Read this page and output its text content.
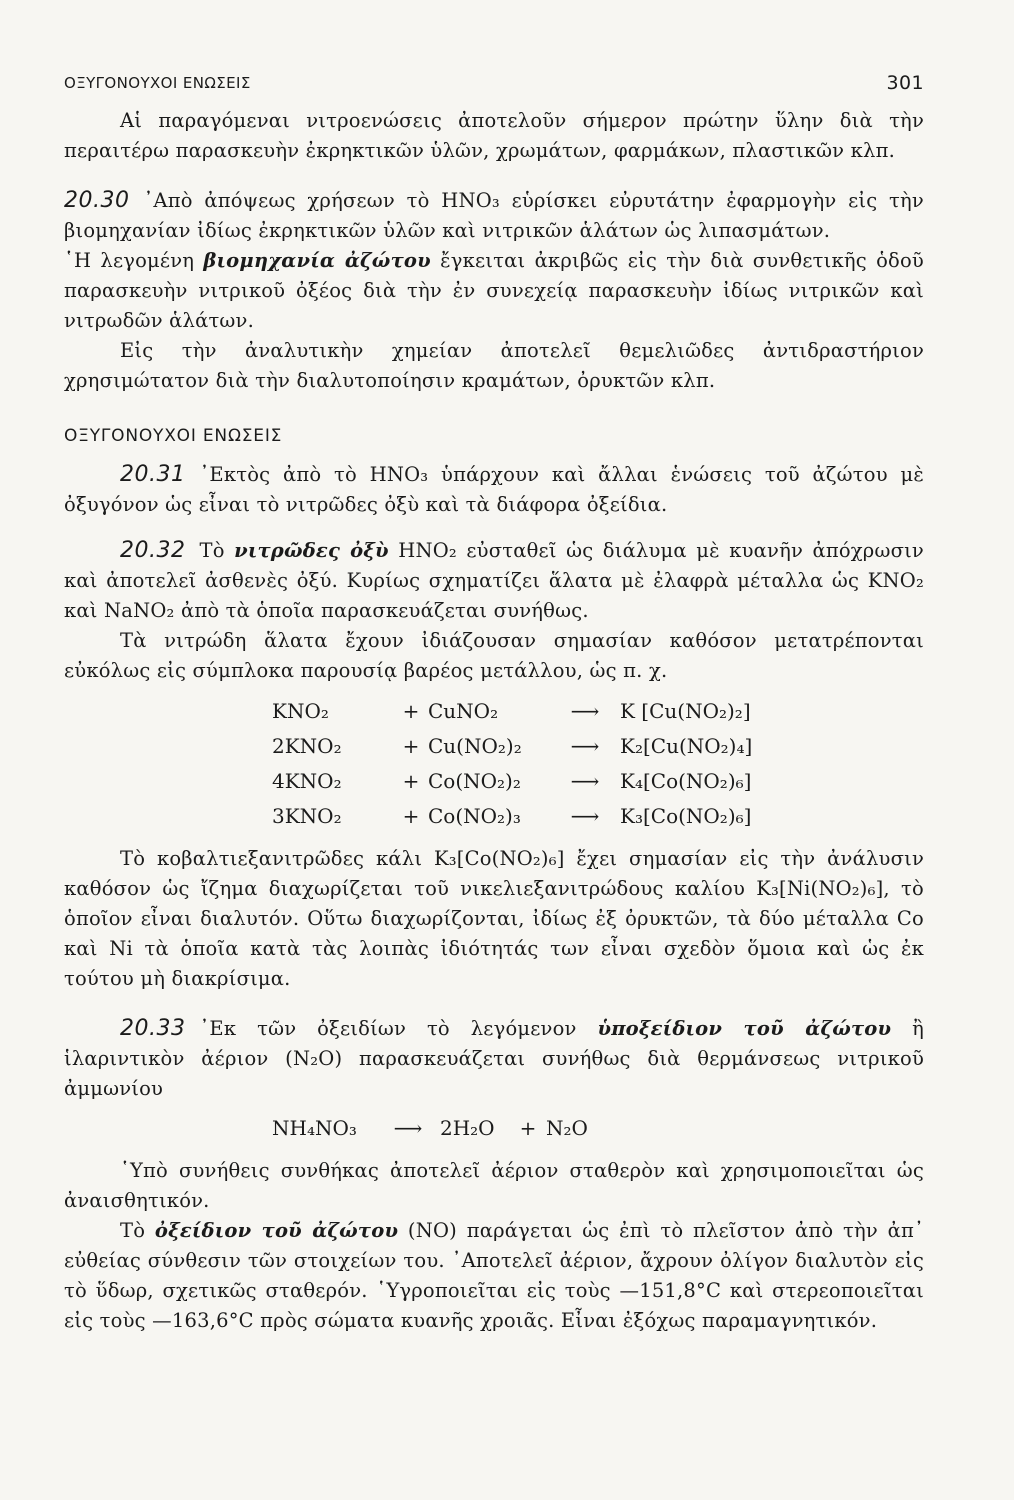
ΟΞΥΓΟΝΟΥΧΟΙ ΕΝΩΣΕΙΣ	301

Αἱ παραγόμεναι νιτροενώσεις ἀποτελοῦν σήμερον πρώτην ὕλην διὰ τὴν περαιτέρω παρασκευὴν ἐκρηκτικῶν ὑλῶν, χρωμάτων, φαρμάκων, πλαστικῶν κλπ.

20.30 ᾿Απὸ ἀπόψεως χρήσεων τὸ HNO₃ εὑρίσκει εὐρυτάτην ἐφαρμογὴν εἰς τὴν βιομηχανίαν ἰδίως ἐκρηκτικῶν ὑλῶν καὶ νιτρικῶν ἁλάτων ὡς λιπασμάτων.

῾Η λεγομένη βιομηχανία ἀζώτου ἔγκειται ἀκριβῶς εἰς τὴν διὰ συνθετικῆς ὁδοῦ παρασκευὴν νιτρικοῦ ὀξέος διὰ τὴν ἐν συνεχείᾳ παρασκευὴν ἰδίως νιτρικῶν καὶ νιτρωδῶν ἁλάτων.

Εἰς τὴν ἀναλυτικὴν χημείαν ἀποτελεῖ θεμελιῶδες ἀντιδραστήριον χρησιμώτατον διὰ τὴν διαλυτοποίησιν κραμάτων, ὀρυκτῶν κλπ.

ΟΞΥΓΟΝΟΥΧΟΙ ΕΝΩΣΕΙΣ

20.31 ᾿Εκτὸς ἀπὸ τὸ HNO₃ ὑπάρχουν καὶ ἄλλαι ἑνώσεις τοῦ ἀζώτου μὲ ὀξυγόνον ὡς εἶναι τὸ νιτρῶδες ὀξὺ καὶ τὰ διάφορα ὀξείδια.

20.32 Τὸ νιτρῶδες ὀξὺ HNO₂ εὐσταθεῖ ὡς διάλυμα μὲ κυανῆν ἀπόχρωσιν καὶ ἀποτελεῖ ἀσθενὲς ὀξύ. Κυρίως σχηματίζει ἅλατα μὲ ἐλαφρὰ μέταλλα ὡς KNO₂ καὶ NaNO₂ ἀπὸ τὰ ὁποῖα παρασκευάζεται συνήθως.

Τὰ νιτρώδη ἅλατα ἔχουν ἰδιάζουσαν σημασίαν καθόσον μετατρέπονται εὐκόλως εἰς σύμπλοκα παρουσίᾳ βαρέος μετάλλου, ὡς π. χ.

KNO₂	+ CuNO₂	⟶	K [Cu(NO₂)₂]
2KNO₂	+ Cu(NO₂)₂	⟶	K₂[Cu(NO₂)₄]
4KNO₂	+ Co(NO₂)₂	⟶	K₄[Co(NO₂)₆]
3KNO₂	+ Co(NO₂)₃	⟶	K₃[Co(NO₂)₆]

Τὸ κοβαλτιεξανιτρῶδες κάλι K₃[Co(NO₂)₆] ἔχει σημασίαν εἰς τὴν ἀνάλυσιν καθόσον ὡς ἴζημα διαχωρίζεται τοῦ νικελιεξανιτρώδους καλίου K₃[Ni(NO₂)₆], τὸ ὁποῖον εἶναι διαλυτόν. Οὕτω διαχωρίζονται, ἰδίως ἐξ ὀρυκτῶν, τὰ δύο μέταλλα Co καὶ Ni τὰ ὁποῖα κατὰ τὰς λοιπὰς ἰδιότητάς των εἶναι σχεδὸν ὅμοια καὶ ὡς ἐκ τούτου μὴ διακρίσιμα.

20.33 ᾿Εκ τῶν ὀξειδίων τὸ λεγόμενον ὑποξείδιον τοῦ ἀζώτου ἢ ἱλαριντικὸν ἀέριον (N₂O) παρασκευάζεται συνήθως διὰ θερμάνσεως νιτρικοῦ ἀμμωνίου

NH₄NO₃	⟶ 2H₂O	+ N₂O

῾Υπὸ συνήθεις συνθήκας ἀποτελεῖ ἀέριον σταθερὸν καὶ χρησιμοποιεῖται ὡς ἀναισθητικόν.

Τὸ ὀξείδιον τοῦ ἀζώτου (NO) παράγεται ὡς ἐπὶ τὸ πλεῖστον ἀπὸ τὴν ἀπ᾿ εὐθείας σύνθεσιν τῶν στοιχείων του. ᾿Αποτελεῖ ἀέριον, ἄχρουν ὀλίγον διαλυτὸν εἰς τὸ ὕδωρ, σχετικῶς σταθερόν. ῾Υγροποιεῖται εἰς τοὺς —151,8°C καὶ στερεοποιεῖται εἰς τοὺς —163,6°C πρὸς σώματα κυανῆς χροιᾶς. Εἶναι ἐξόχως παραμαγνητικόν.
